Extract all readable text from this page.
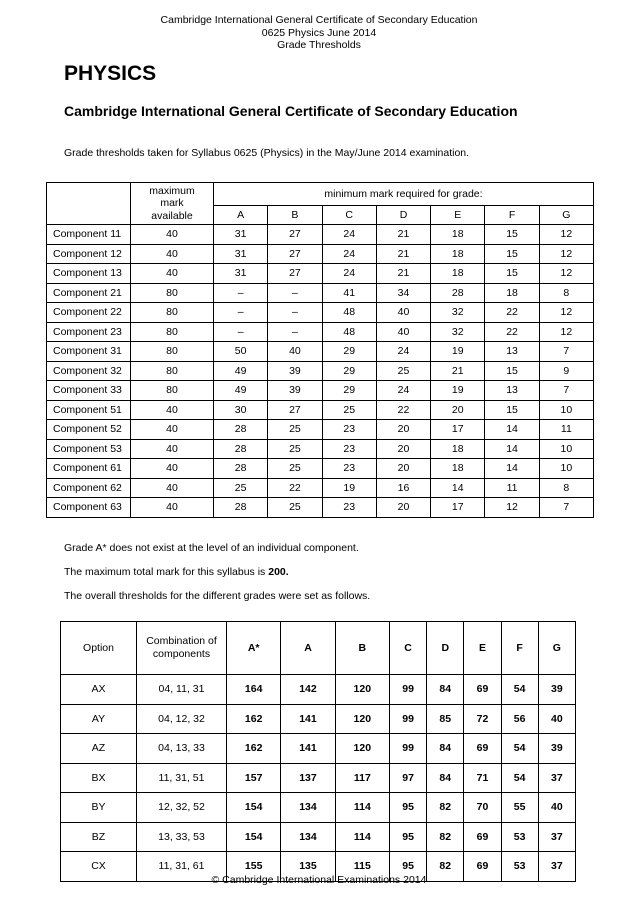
Cambridge International General Certificate of Secondary Education
0625 Physics June 2014
Grade Thresholds
PHYSICS
Cambridge International General Certificate of Secondary Education
Grade thresholds taken for Syllabus 0625 (Physics) in the May/June 2014 examination.
	maximum mark available	minimum mark required for grade:						
		A	B	C	D	E	F	G
Component 11	40	31	27	24	21	18	15	12
Component 12	40	31	27	24	21	18	15	12
Component 13	40	31	27	24	21	18	15	12
Component 21	80	–	–	41	34	28	18	8
Component 22	80	–	–	48	40	32	22	12
Component 23	80	–	–	48	40	32	22	12
Component 31	80	50	40	29	24	19	13	7
Component 32	80	49	39	29	25	21	15	9
Component 33	80	49	39	29	24	19	13	7
Component 51	40	30	27	25	22	20	15	10
Component 52	40	28	25	23	20	17	14	11
Component 53	40	28	25	23	20	18	14	10
Component 61	40	28	25	23	20	18	14	10
Component 62	40	25	22	19	16	14	11	8
Component 63	40	28	25	23	20	17	12	7
Grade A* does not exist at the level of an individual component.
The maximum total mark for this syllabus is 200.
The overall thresholds for the different grades were set as follows.
Option	Combination of components	A*	A	B	C	D	E	F	G
AX	04, 11, 31	164	142	120	99	84	69	54	39
AY	04, 12, 32	162	141	120	99	85	72	56	40
AZ	04, 13, 33	162	141	120	99	84	69	54	39
BX	11, 31, 51	157	137	117	97	84	71	54	37
BY	12, 32, 52	154	134	114	95	82	70	55	40
BZ	13, 33, 53	154	134	114	95	82	69	53	37
CX	11, 31, 61	155	135	115	95	82	69	53	37
© Cambridge International Examinations 2014
